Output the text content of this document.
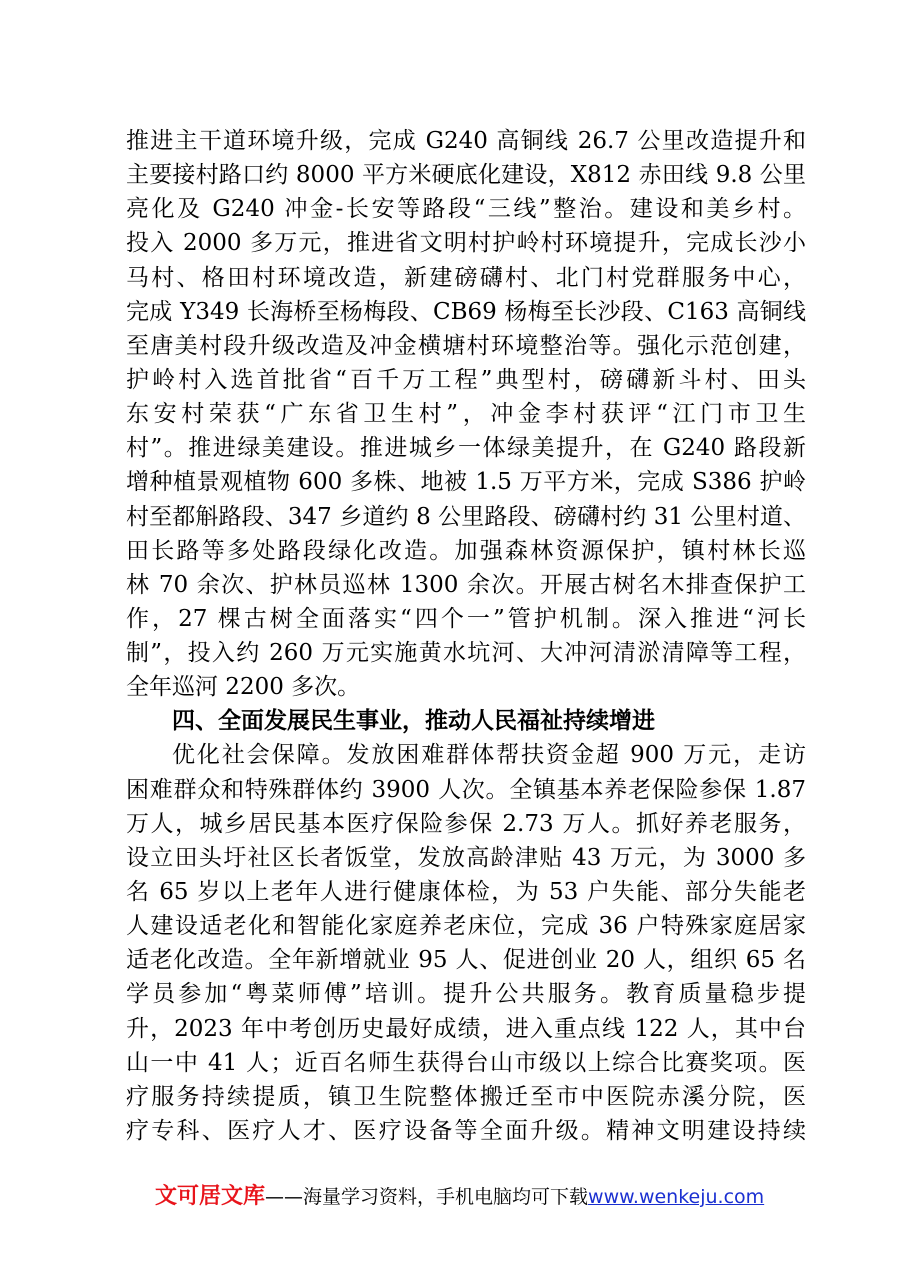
推进主干道环境升级，完成 G240 高铜线 26.7 公里改造提升和
主要接村路口约 8000 平方米硬底化建设，X812 赤田线 9.8 公里
亮化及 G240 冲金-长安等路段“三线”整治。建设和美乡村。
投入 2000 多万元，推进省文明村护岭村环境提升，完成长沙小
马村、格田村环境改造，新建磅礴村、北门村党群服务中心，
完成 Y349 长海桥至杨梅段、CB69 杨梅至长沙段、C163 高铜线
至唐美村段升级改造及冲金横塘村环境整治等。强化示范创建，
护岭村入选首批省“百千万工程”典型村，磅礴新斗村、田头
东安村荣获“广东省卫生村”，冲金李村获评“江门市卫生
村”。推进绿美建设。推进城乡一体绿美提升，在 G240 路段新
增种植景观植物 600 多株、地被 1.5 万平方米，完成 S386 护岭
村至都斛路段、347 乡道约 8 公里路段、磅礴村约 31 公里村道、
田长路等多处路段绿化改造。加强森林资源保护，镇村林长巡
林 70 余次、护林员巡林 1300 余次。开展古树名木排查保护工
作，27 棵古树全面落实“四个一”管护机制。深入推进“河长
制”，投入约 260 万元实施黄水坑河、大冲河清淤清障等工程，
全年巡河 2200 多次。
四、全面发展民生事业，推动人民福祉持续增进
优化社会保障。发放困难群体帮扶资金超 900 万元，走访
困难群众和特殊群体约 3900 人次。全镇基本养老保险参保 1.87
万人，城乡居民基本医疗保险参保 2.73 万人。抓好养老服务，
设立田头圩社区长者饭堂，发放高龄津贴 43 万元，为 3000 多
名 65 岁以上老年人进行健康体检，为 53 户失能、部分失能老
人建设适老化和智能化家庭养老床位，完成 36 户特殊家庭居家
适老化改造。全年新增就业 95 人、促进创业 20 人，组织 65 名
学员参加“粤菜师傅”培训。提升公共服务。教育质量稳步提
升，2023 年中考创历史最好成绩，进入重点线 122 人，其中台
山一中 41 人；近百名师生获得台山市级以上综合比赛奖项。医
疗服务持续提质，镇卫生院整体搬迁至市中医院赤溪分院，医
疗专科、医疗人才、医疗设备等全面升级。精神文明建设持续
文可居文库——海量学习资料，手机电脑均可下载www.wenkeju.com
